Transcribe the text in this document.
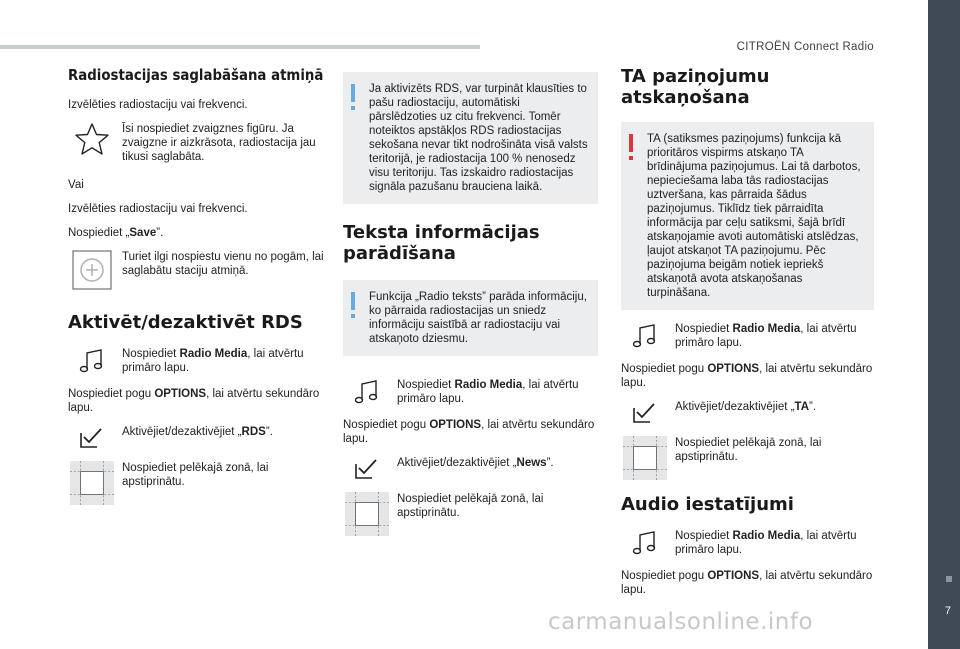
CITROËN Connect Radio
7
carmanualsonline.info
Radiostacijas saglabāšana atmiņā

Izvēlēties radiostaciju vai frekvenci.

Īsi nospiediet zvaigznes figūru. Ja zvaigzne ir aizkrāsota, radiostacija jau tikusi saglabāta.

Vai

Izvēlēties radiostaciju vai frekvenci.

Nospiediet „Save”.

Turiet ilgi nospiestu vienu no pogām, lai saglabātu staciju atmiņā.
Aktivēt/dezaktivēt RDS
Nospiediet Radio Media, lai atvērtu primāro lapu.

Nospiediet pogu OPTIONS, lai atvērtu sekundāro lapu.

Aktivējiet/dezaktivējiet „RDS”.
Nospiediet pelēkajā zonā, lai apstiprinātu.
Ja aktivizēts RDS, var turpināt klausīties to pašu radiostaciju, automātiski pārslēdzoties uz citu frekvenci. Tomēr noteiktos apstākļos RDS radiostacijas sekošana nevar tikt nodrošināta visā valsts teritorijā, je radiostacija 100 % nenosedz visu teritoriju. Tas izskaidro radiostacijas signāla pazušanu brauciena laikā.
Teksta informācijas parādīšana
Funkcija „Radio teksts” parāda informāciju, ko pārraida radiostacijas un sniedz informāciju saistībā ar radiostaciju vai atskaņoto dziesmu.
Nospiediet Radio Media, lai atvērtu primāro lapu.

Nospiediet pogu OPTIONS, lai atvērtu sekundāro lapu.

Aktivējiet/dezaktivējiet „News”.
Nospiediet pelēkajā zonā, lai apstiprinātu.
TA paziņojumu atskaņošana
TA (satiksmes paziņojums) funkcija kā prioritāros vispirms atskaņo TA brīdinājuma paziņojumus. Lai tā darbotos, nepieciešama laba tās radiostacijas uztveršana, kas pārraida šādus paziņojumus. Tiklīdz tiek pārraidīta informācija par ceļu satiksmi, šajā brīdī atskaņojamie avoti automātiski atslēdzas, ļaujot atskaņot TA paziņojumu. Pēc paziņojuma beigām notiek iepriekš atskaņotā avota atskaņošanas turpināšana.
Nospiediet Radio Media, lai atvērtu primāro lapu.

Nospiediet pogu OPTIONS, lai atvērtu sekundāro lapu.

Aktivējiet/dezaktivējiet „TA”.
Nospiediet pelēkajā zonā, lai apstiprinātu.
Audio iestatījumi
Nospiediet Radio Media, lai atvērtu primāro lapu.

Nospiediet pogu OPTIONS, lai atvērtu sekundāro lapu.
